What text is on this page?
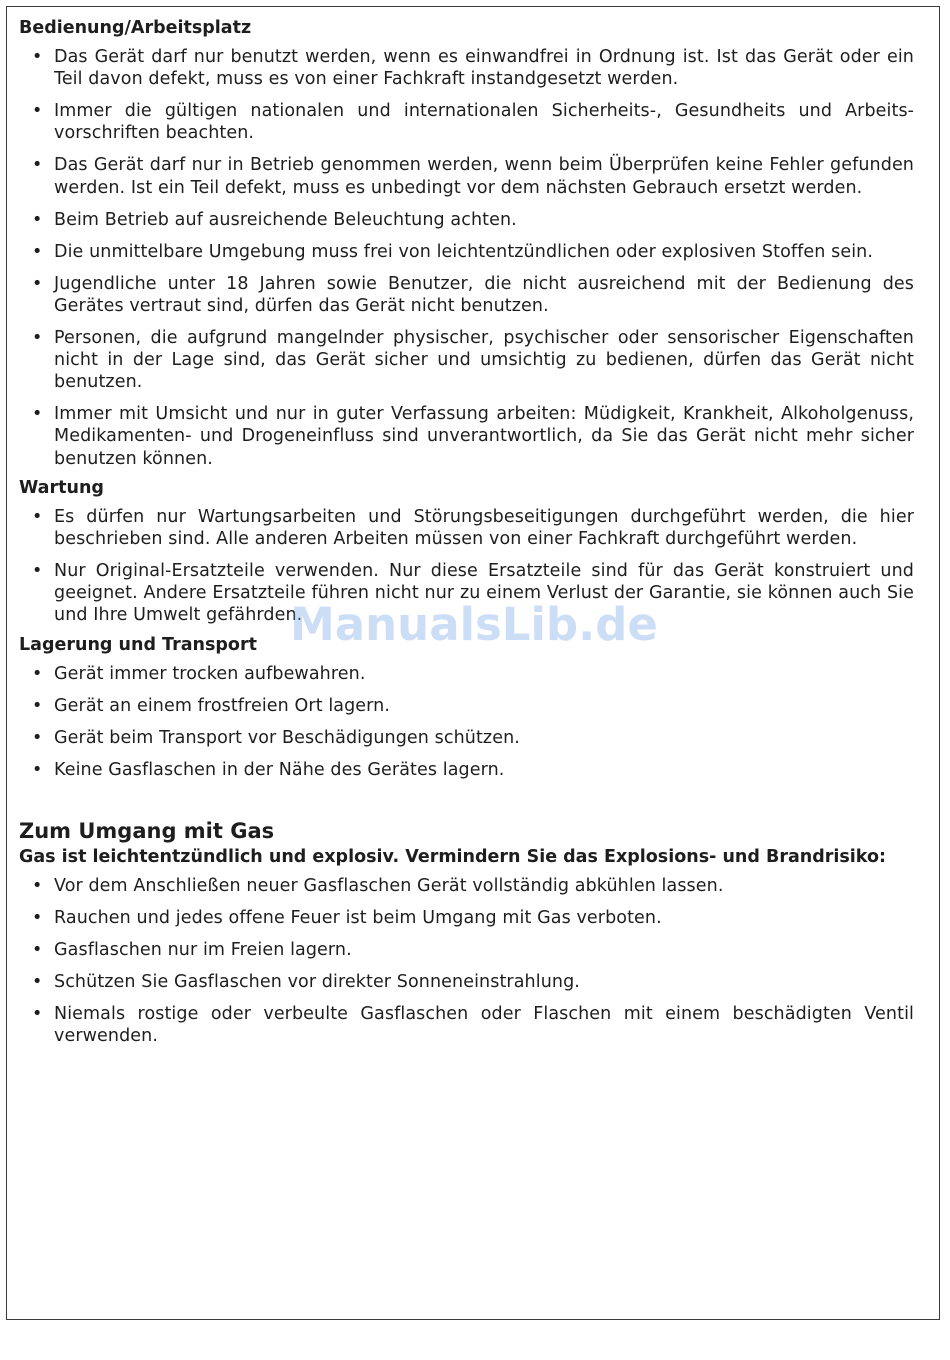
Bedienung/Arbeitsplatz
• Das Gerät darf nur benutzt werden, wenn es einwandfrei in Ordnung ist. Ist das Gerät oder ein Teil davon defekt, muss es von einer Fachkraft instandgesetzt werden.
• Immer die gültigen nationalen und internationalen Sicherheits-, Gesundheits und Arbeitsvorschriften beachten.
• Das Gerät darf nur in Betrieb genommen werden, wenn beim Überprüfen keine Fehler gefunden werden. Ist ein Teil defekt, muss es unbedingt vor dem nächsten Gebrauch ersetzt werden.
• Beim Betrieb auf ausreichende Beleuchtung achten.
• Die unmittelbare Umgebung muss frei von leichtentzündlichen oder explosiven Stoffen sein.
• Jugendliche unter 18 Jahren sowie Benutzer, die nicht ausreichend mit der Bedienung des Gerätes vertraut sind, dürfen das Gerät nicht benutzen.
• Personen, die aufgrund mangelnder physischer, psychischer oder sensorischer Eigenschaften nicht in der Lage sind, das Gerät sicher und umsichtig zu bedienen, dürfen das Gerät nicht benutzen.
• Immer mit Umsicht und nur in guter Verfassung arbeiten: Müdigkeit, Krankheit, Alkoholgenuss, Medikamenten- und Drogeneinfluss sind unverantwortlich, da Sie das Gerät nicht mehr sicher benutzen können.
Wartung
• Es dürfen nur Wartungsarbeiten und Störungsbeseitigungen durchgeführt werden, die hier beschrieben sind. Alle anderen Arbeiten müssen von einer Fachkraft durchgeführt werden.
• Nur Original-Ersatzteile verwenden. Nur diese Ersatzteile sind für das Gerät konstruiert und geeignet. Andere Ersatzteile führen nicht nur zu einem Verlust der Garantie, sie können auch Sie und Ihre Umwelt gefährden.
Lagerung und Transport
• Gerät immer trocken aufbewahren.
• Gerät an einem frostfreien Ort lagern.
• Gerät beim Transport vor Beschädigungen schützen.
• Keine Gasflaschen in der Nähe des Gerätes lagern.
Zum Umgang mit Gas
Gas ist leichtentzündlich und explosiv. Vermindern Sie das Explosions- und Brandrisiko:
• Vor dem Anschließen neuer Gasflaschen Gerät vollständig abkühlen lassen.
• Rauchen und jedes offene Feuer ist beim Umgang mit Gas verboten.
• Gasflaschen nur im Freien lagern.
• Schützen Sie Gasflaschen vor direkter Sonneneinstrahlung.
• Niemals rostige oder verbeulte Gasflaschen oder Flaschen mit einem beschädigten Ventil verwenden.
ManualsLib.de
